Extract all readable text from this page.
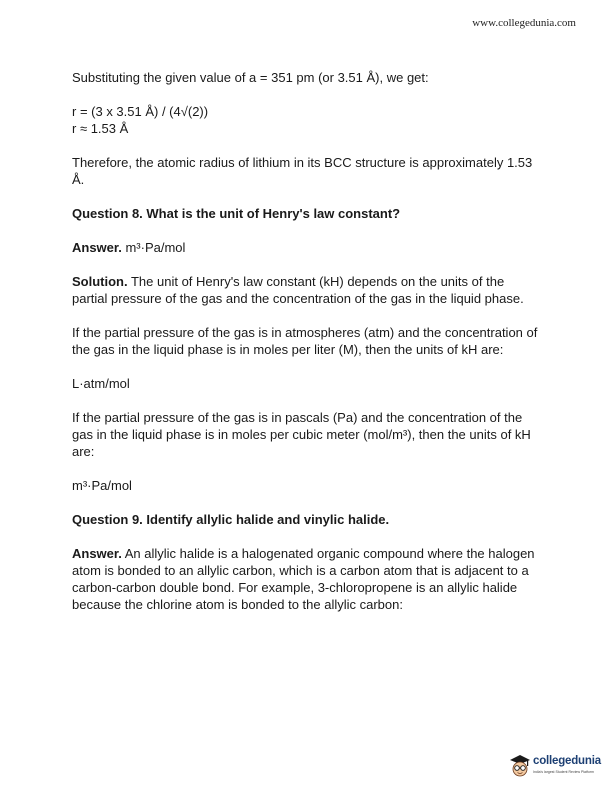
www.collegedunia.com

Substituting the given value of a = 351 pm (or 3.51 Å), we get:

r = (3 x 3.51 Å) / (4√(2))

r ≈ 1.53 Å

Therefore, the atomic radius of lithium in its BCC structure is approximately 1.53 Å.

Question 8. What is the unit of Henry's law constant?

Answer. m³·Pa/mol

Solution. The unit of Henry's law constant (kH) depends on the units of the partial pressure of the gas and the concentration of the gas in the liquid phase.

If the partial pressure of the gas is in atmospheres (atm) and the concentration of the gas in the liquid phase is in moles per liter (M), then the units of kH are:

L·atm/mol

If the partial pressure of the gas is in pascals (Pa) and the concentration of the gas in the liquid phase is in moles per cubic meter (mol/m³), then the units of kH are:

m³·Pa/mol

Question 9. Identify allylic halide and vinylic halide.

Answer. An allylic halide is a halogenated organic compound where the halogen atom is bonded to an allylic carbon, which is a carbon atom that is adjacent to a carbon-carbon double bond. For example, 3-chloropropene is an allylic halide because the chlorine atom is bonded to the allylic carbon:

collegedunia
India's largest Student Review Platform
